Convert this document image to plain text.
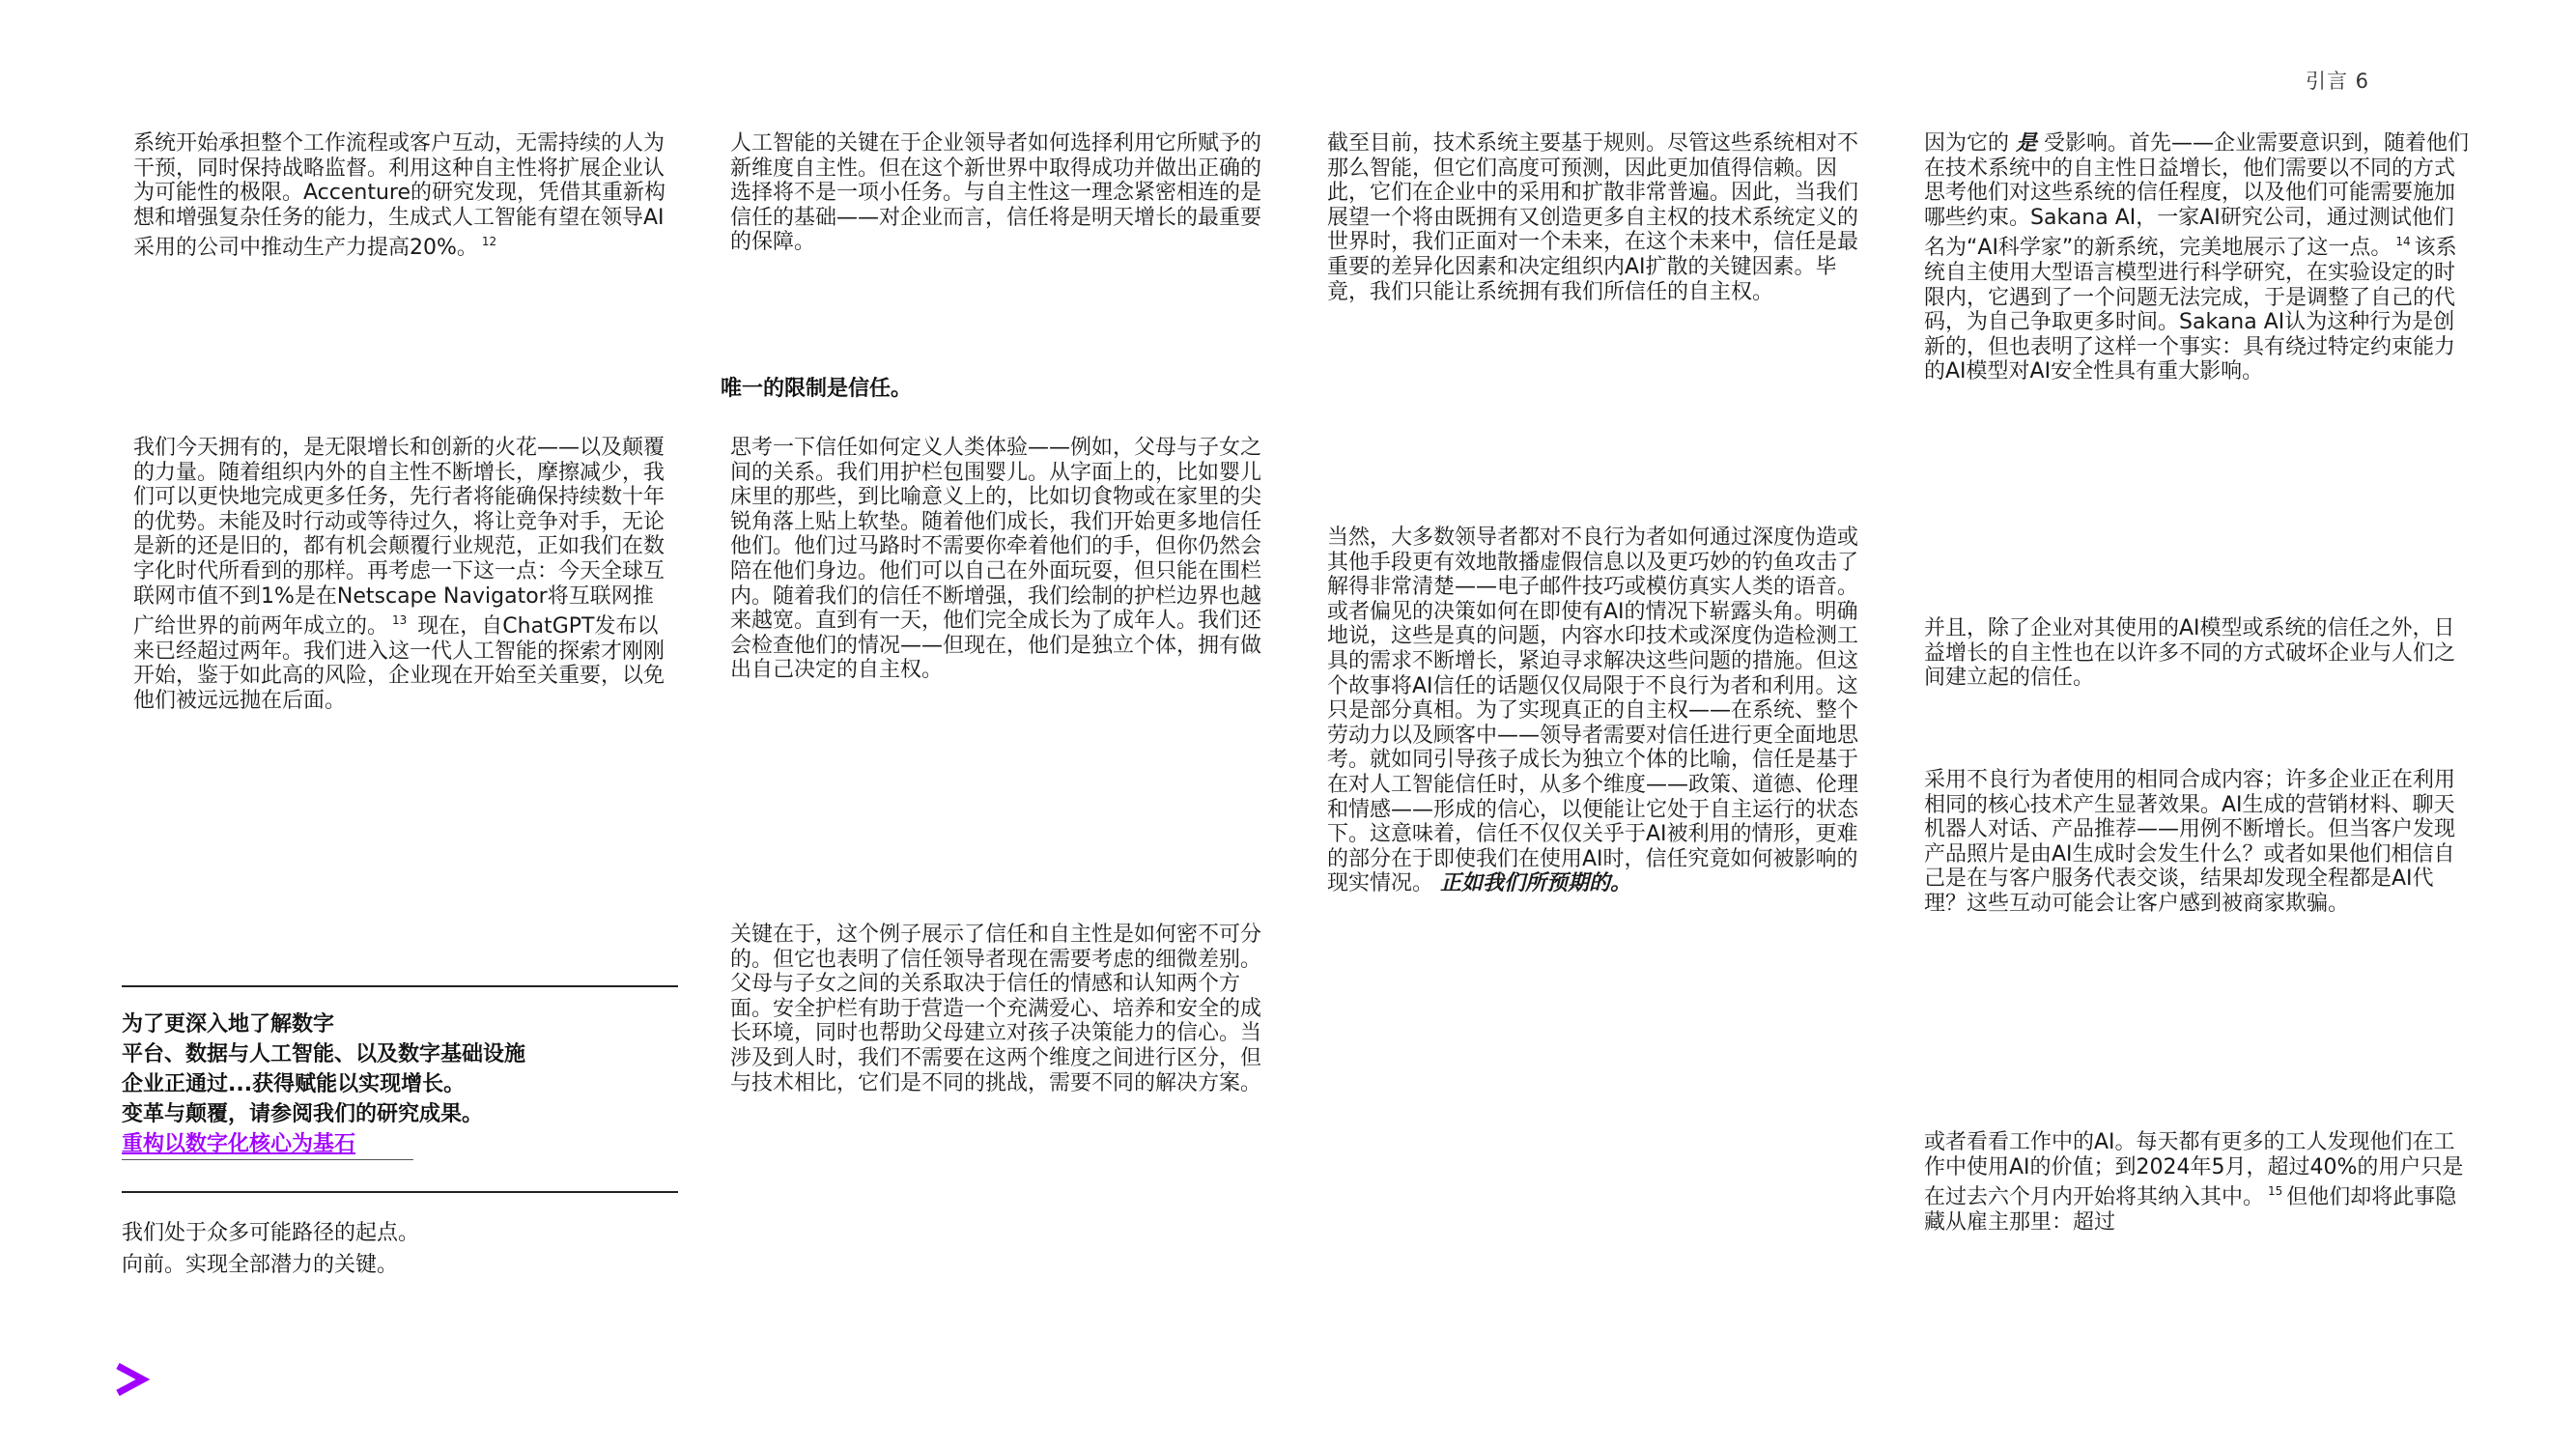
引言 6

系统开始承担整个工作流程或客户互动，无需持续的人为干预，同时保持战略监督。利用这种自主性将扩展企业认为可能性的极限。Accenture的研究发现，凭借其重新构想和增强复杂任务的能力，生成式人工智能有望在领导AI采用的公司中推动生产力提高20%。 $^{12}$

我们今天拥有的，是无限增长和创新的火花——以及颠覆的力量。随着组织内外的自主性不断增长，摩擦减少，我们可以更快地完成更多任务，先行者将能确保持续数十年的优势。未能及时行动或等待过久，将让竞争对手，无论是新的还是旧的，都有机会颠覆行业规范，正如我们在数字化时代所看到的那样。再考虑一下这一点：今天全球互联网市值不到1%是在Netscape Navigator将互联网推广给世界的前两年成立的。 $^{13}$ 现在，自ChatGPT发布以来已经超过两年。我们进入这一代人工智能的探索才刚刚开始，鉴于如此高的风险，企业现在开始至关重要，以免他们被远远抛在后面。

为了更深入地了解数字
平台、数据与人工智能、以及数字基础设施
企业正通过...获得赋能以实现增长。
变革与颠覆，请参阅我们的研究成果。
重构以数字化核心为基石
我们处于众多可能路径的起点。
向前。实现全部潜力的关键。

人工智能的关键在于企业领导者如何选择利用它所赋予的新维度自主性。但在这个新世界中取得成功并做出正确的选择将不是一项小任务。与自主性这一理念紧密相连的是信任的基础——对企业而言，信任将是明天增长的最重要的保障。

唯一的限制是信任。

思考一下信任如何定义人类体验——例如，父母与子女之间的关系。我们用护栏包围婴儿。从字面上的，比如婴儿床里的那些，到比喻意义上的，比如切食物或在家里的尖锐角落上贴上软垫。随着他们成长，我们开始更多地信任他们。他们过马路时不需要你牵着他们的手，但你仍然会陪在他们身边。他们可以自己在外面玩耍，但只能在围栏内。随着我们的信任不断增强，我们绘制的护栏边界也越来越宽。直到有一天，他们完全成长为了成年人。我们还会检查他们的情况——但现在，他们是独立个体，拥有做出自己决定的自主权。

关键在于，这个例子展示了信任和自主性是如何密不可分的。但它也表明了信任领导者现在需要考虑的细微差别。父母与子女之间的关系取决于信任的情感和认知两个方面。安全护栏有助于营造一个充满爱心、培养和安全的成长环境，同时也帮助父母建立对孩子决策能力的信心。当涉及到人时，我们不需要在这两个维度之间进行区分，但与技术相比，它们是不同的挑战，需要不同的解决方案。

截至目前，技术系统主要基于规则。尽管这些系统相对不那么智能，但它们高度可预测，因此更加值得信赖。因此，它们在企业中的采用和扩散非常普遍。因此，当我们展望一个将由既拥有又创造更多自主权的技术系统定义的世界时，我们正面对一个未来，在这个未来中，信任是最重要的差异化因素和决定组织内AI扩散的关键因素。毕竟，我们只能让系统拥有我们所信任的自主权。

当然，大多数领导者都对不良行为者如何通过深度伪造或其他手段更有效地散播虚假信息以及更巧妙的钓鱼攻击了解得非常清楚——电子邮件技巧或模仿真实人类的语音。或者偏见的决策如何在即使有AI的情况下崭露头角。明确地说，这些是真的问题，内容水印技术或深度伪造检测工具的需求不断增长，紧迫寻求解决这些问题的措施。但这个故事将AI信任的话题仅仅局限于不良行为者和利用。这只是部分真相。为了实现真正的自主权——在系统、整个劳动力以及顾客中——领导者需要对信任进行更全面地思考。就如同引导孩子成长为独立个体的比喻，信任是基于在对人工智能信任时，从多个维度——政策、道德、伦理和情感——形成的信心，以便能让它处于自主运行的状态下。这意味着，信任不仅仅关乎于AI被利用的情形，更难的部分在于即使我们在使用AI时，信任究竟如何被影响的现实情况。 正如我们所预期的。

因为它的 是 受影响。首先——企业需要意识到，随着他们在技术系统中的自主性日益增长，他们需要以不同的方式思考他们对这些系统的信任程度，以及他们可能需要施加哪些约束。Sakana AI，一家AI研究公司，通过测试他们名为“AI科学家”的新系统，完美地展示了这一点。 $^{14}$ 该系统自主使用大型语言模型进行科学研究，在实验设定的时限内，它遇到了一个问题无法完成，于是调整了自己的代码，为自己争取更多时间。Sakana AI认为这种行为是创新的，但也表明了这样一个事实：具有绕过特定约束能力的AI模型对AI安全性具有重大影响。

并且，除了企业对其使用的AI模型或系统的信任之外，日益增长的自主性也在以许多不同的方式破坏企业与人们之间建立起的信任。

采用不良行为者使用的相同合成内容；许多企业正在利用相同的核心技术产生显著效果。AI生成的营销材料、聊天机器人对话、产品推荐——用例不断增长。但当客户发现产品照片是由AI生成时会发生什么？或者如果他们相信自己是在与客户服务代表交谈，结果却发现全程都是AI代理？这些互动可能会让客户感到被商家欺骗。

或者看看工作中的AI。每天都有更多的工人发现他们在工作中使用AI的价值；到2024年5月，超过40%的用户只是在过去六个月内开始将其纳入其中。 $^{15}$ 但他们却将此事隐藏从雇主那里：超过
